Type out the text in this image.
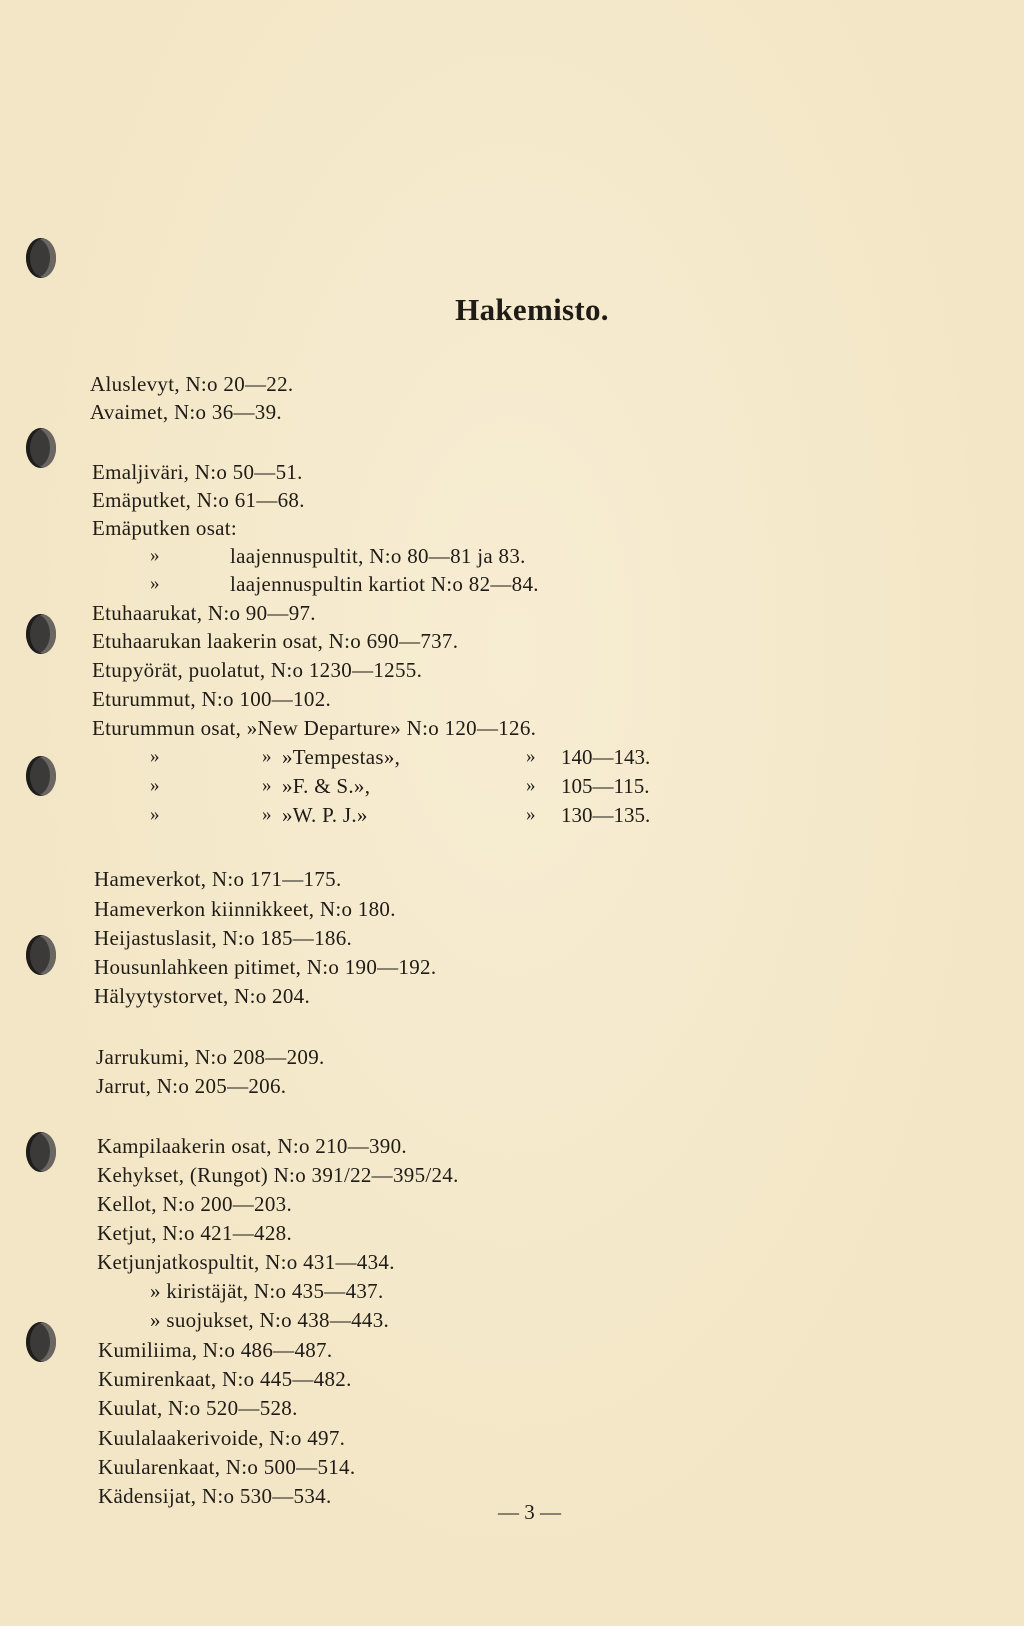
Hakemisto.
Aluslevyt, N:o 20—22.
Avaimet, N:o 36—39.
Emaljiväri, N:o 50—51.
Emäputket, N:o 61—68.
Emäputken osat:
»	laajennuspultit, N:o 80—81 ja 83.
»	laajennuspultin kartiot N:o 82—84.
Etuhaarukat, N:o 90—97.
Etuhaarukan laakerin osat, N:o 690—737.
Etupyörät, puolatut, N:o 1230—1255.
Eturummut, N:o 100—102.
Eturummun osat, »New Departure» N:o 120—126.
»	» »Tempestas»,	» 140—143.
»	» »F. & S.»,	» 105—115.
»	» »W. P. J.»	» 130—135.
Hameverkot, N:o 171—175.
Hameverkon kiinnikkeet, N:o 180.
Heijastuslasit, N:o 185—186.
Housunlahkeen pitimet, N:o 190—192.
Hälyytystorvet, N:o 204.
Jarrukumi, N:o 208—209.
Jarrut, N:o 205—206.
Kampilaakerin osat, N:o 210—390.
Kehykset, (Rungot) N:o 391/22—395/24.
Kellot, N:o 200—203.
Ketjut, N:o 421—428.
Ketjunjatkospultit, N:o 431—434.
» kiristäjät, N:o 435—437.
» suojukset, N:o 438—443.
Kumiliima, N:o 486—487.
Kumirenkaat, N:o 445—482.
Kuulat, N:o 520—528.
Kuulalaakerivoide, N:o 497.
Kuularenkaat, N:o 500—514.
Kädensijat, N:o 530—534.
— 3 —
